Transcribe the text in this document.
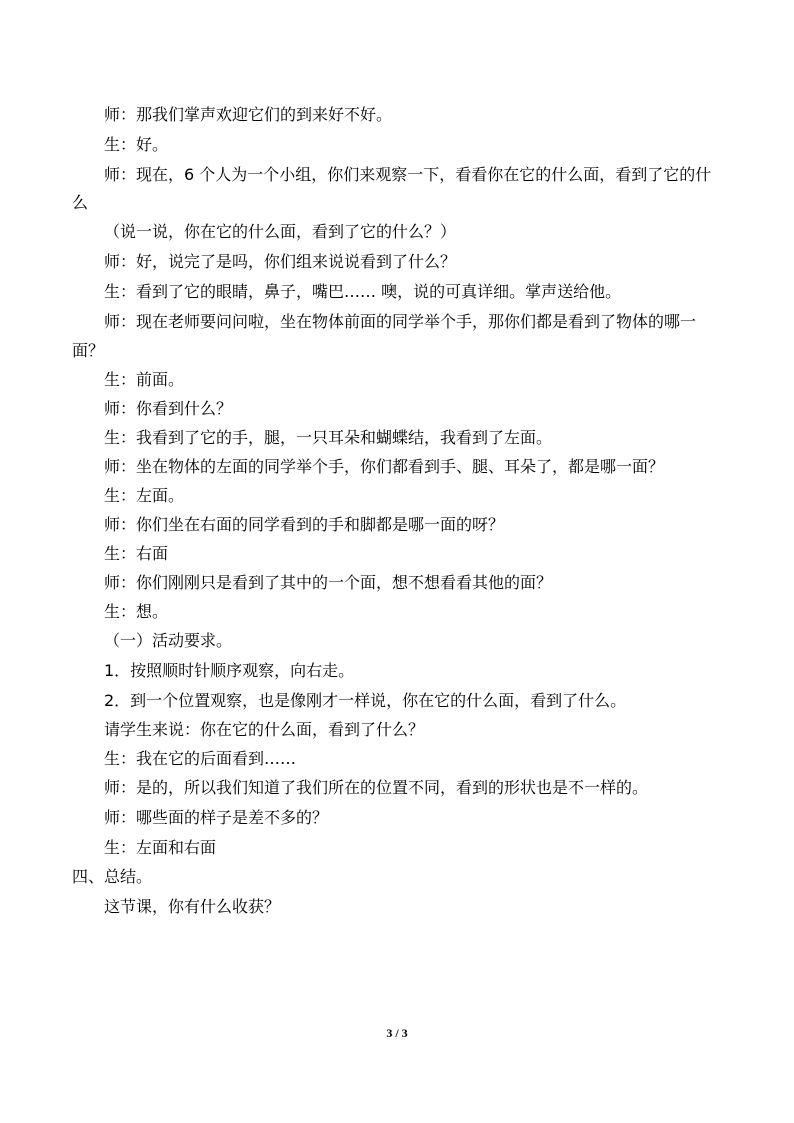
师：那我们掌声欢迎它们的到来好不好。
生：好。
师：现在，6 个人为一个小组，你们来观察一下，看看你在它的什么面，看到了它的什
么
（说一说，你在它的什么面，看到了它的什么？）
师：好，说完了是吗，你们组来说说看到了什么？
生：看到了它的眼睛，鼻子，嘴巴…… 噢，说的可真详细。掌声送给他。
师：现在老师要问问啦，坐在物体前面的同学举个手，那你们都是看到了物体的哪一
面？
生：前面。
师：你看到什么？
生：我看到了它的手，腿，一只耳朵和蝴蝶结，我看到了左面。
师：坐在物体的左面的同学举个手，你们都看到手、腿、耳朵了，都是哪一面？
生：左面。
师：你们坐在右面的同学看到的手和脚都是哪一面的呀？
生：右面
师：你们刚刚只是看到了其中的一个面，想不想看看其他的面？
生：想。
（一）活动要求。
1．按照顺时针顺序观察，向右走。
2．到一个位置观察，也是像刚才一样说，你在它的什么面，看到了什么。
请学生来说：你在它的什么面，看到了什么？
生：我在它的后面看到……
师：是的，所以我们知道了我们所在的位置不同，看到的形状也是不一样的。
师：哪些面的样子是差不多的？
生：左面和右面
四、总结。
这节课，你有什么收获？
3 / 3
